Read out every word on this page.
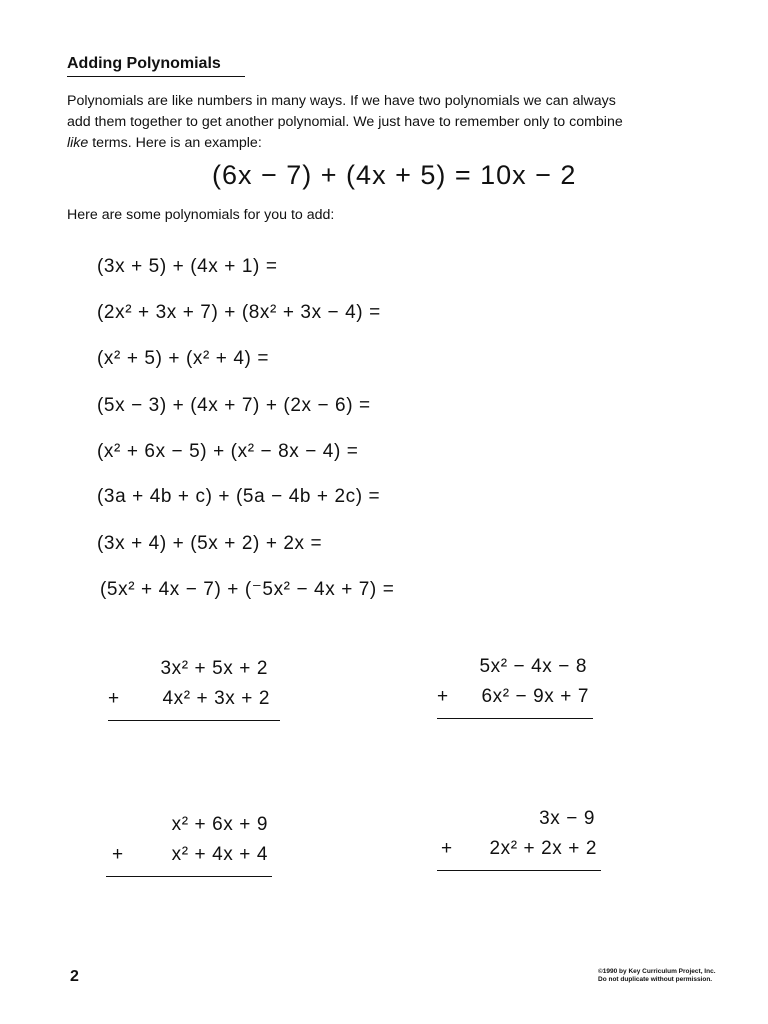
Adding Polynomials
Polynomials are like numbers in many ways. If we have two polynomials we can always
add them together to get another polynomial. We just have to remember only to combine
like terms. Here is an example:
(6x − 7) + (4x + 5) = 10x − 2
Here are some polynomials for you to add:
(3x + 5) + (4x + 1) =
(2x² + 3x + 7) + (8x² + 3x − 4) =
(x² + 5) + (x² + 4) =
(5x − 3) + (4x + 7) + (2x − 6) =
(x² + 6x − 5) + (x² − 8x − 4) =
(3a + 4b + c) + (5a − 4b + 2c) =
(3x + 4) + (5x + 2) + 2x =
(5x² + 4x − 7) + (⁻5x² − 4x + 7) =
3x² + 5x + 2
+ 4x² + 3x + 2
5x² − 4x − 8
+ 6x² − 9x + 7
x² + 6x + 9
+	x² + 4x + 4
3x − 9
+ 2x² + 2x + 2
2	©1990 by Key Curriculum Project, Inc.
Do not duplicate without permission.
